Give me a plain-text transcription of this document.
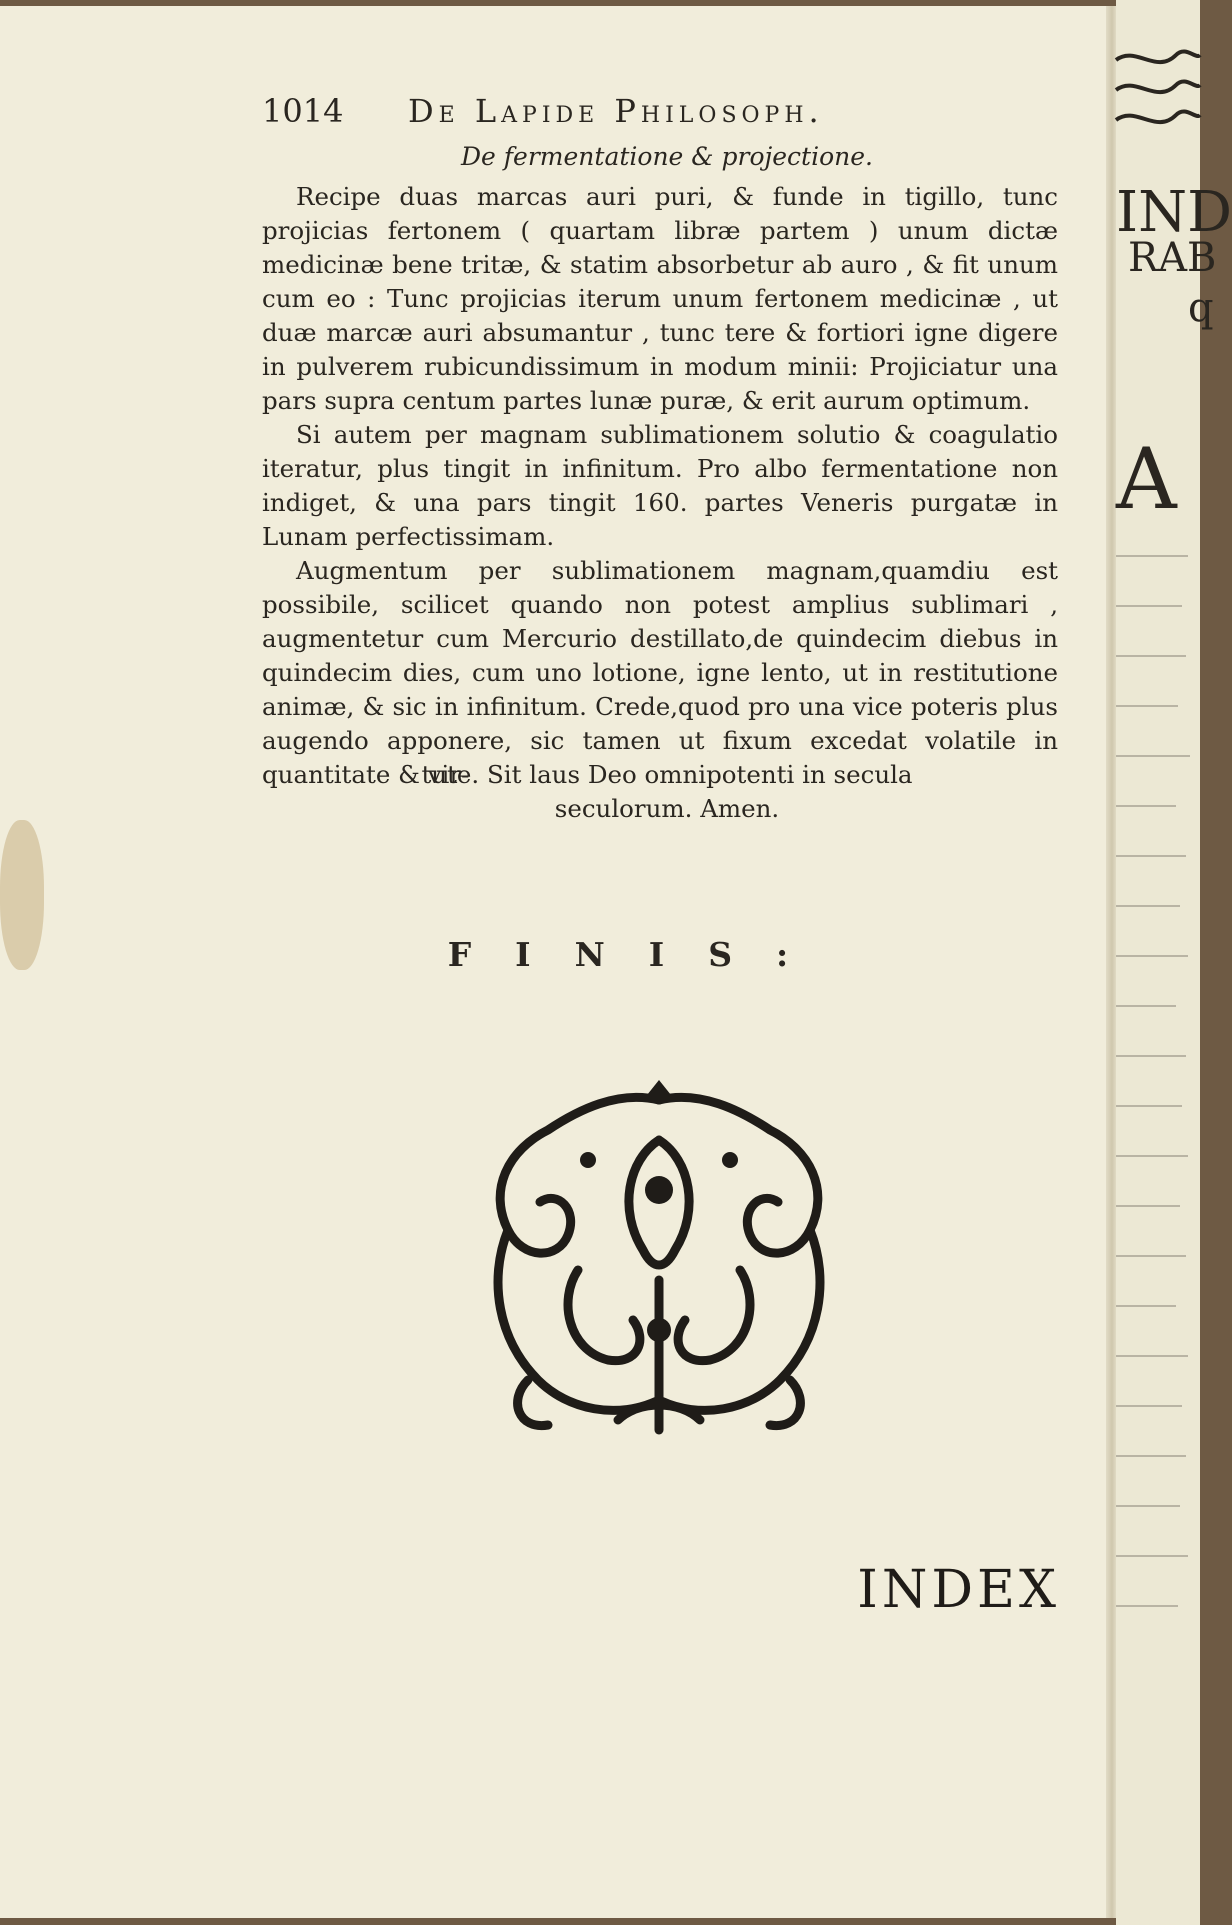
1014 De Lapide Philosoph.
De fermentatione & projectione.

Recipe duas marcas auri puri, & funde in tigillo, tunc projicias fertonem ( quartam libræ partem ) unum dictæ medicinæ bene tritæ, & statim absorbetur ab auro , & fit unum cum eo : Tunc projicias iterum unum fertonem medicinæ , ut duæ marcæ auri absumantur , tunc tere & fortiori igne digere in pulverem rubicundissimum in modum minii: Projiciatur una pars supra centum partes lunæ puræ, & erit aurum optimum.

Si autem per magnam sublimationem solutio & coagulatio iteratur, plus tingit in infinitum. Pro albo fermentatione non indiget, & una pars tingit 160. partes Veneris purgatæ in Lunam perfectissimam.

Augmentum per sublimationem magnam,quamdiu est possibile, scilicet quando non potest amplius sublimari , augmentetur cum Mercurio destillato,de quindecim diebus in quindecim dies, cum uno lotione, igne lento, ut in restitutione animæ, & sic in infinitum. Crede,quod pro una vice poteris plus augendo apponere, sic tamen ut fixum excedat volatile in quantitate & vir-

tute. Sit laus Deo omnipotenti in secula
seculorum. Amen.
FINIS:
INDEX
IND
RAB
q
A
